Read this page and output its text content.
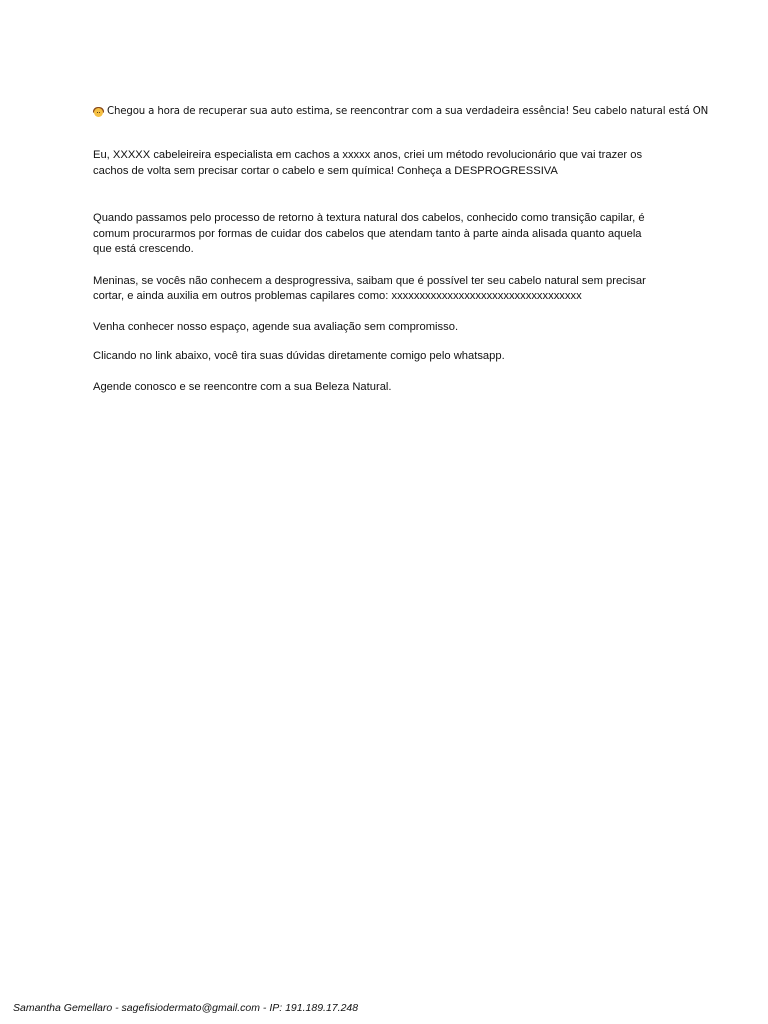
Chegou a hora de recuperar sua auto estima, se reencontrar com a sua verdadeira essência! Seu cabelo natural está ON

Eu, XXXXX cabeleireira especialista em cachos a xxxxx anos, criei um método revolucionário que vai trazer os
cachos de volta sem precisar cortar o cabelo e sem química! Conheça a DESPROGRESSIVA

Quando passamos pelo processo de retorno à textura natural dos cabelos, conhecido como transição capilar, é
comum procurarmos por formas de cuidar dos cabelos que atendam tanto à parte ainda alisada quanto aquela
que está crescendo.

Meninas, se vocês não conhecem a desprogressiva, saibam que é possível ter seu cabelo natural sem precisar
cortar, e ainda auxilia em outros problemas capilares como: xxxxxxxxxxxxxxxxxxxxxxxxxxxxxxxxxx

Venha conhecer nosso espaço, agende sua avaliação sem compromisso.

Clicando no link abaixo, você tira suas dúvidas diretamente comigo pelo whatsapp.

Agende conosco e se reencontre com a sua Beleza Natural.

Samantha Gemellaro - sagefisiodermato@gmail.com - IP: 191.189.17.248
